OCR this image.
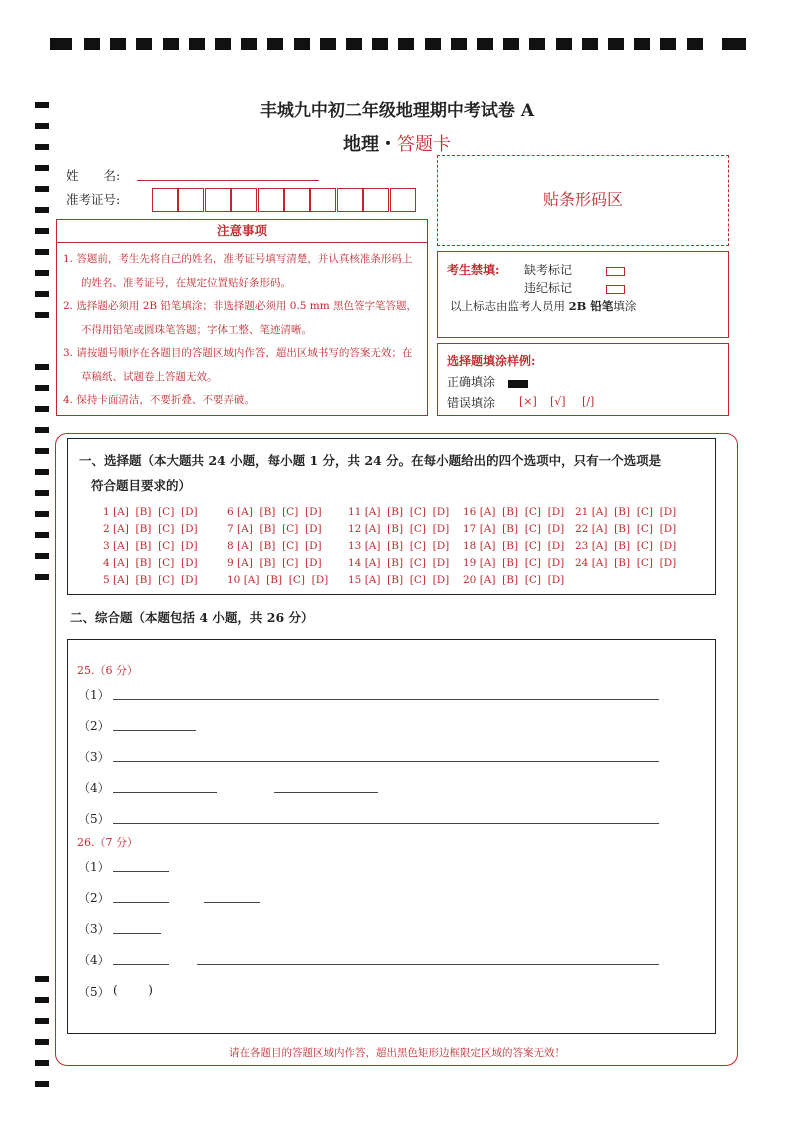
丰城九中初二年级地理期中考试卷 A
地理・答题卡
姓　　名:
准考证号:	贴条形码区
注意事项

1. 答题前，考生先将自己的姓名，准考证号填写清楚，并认真核准条形码上的姓名、准考证号，在规定位置贴好条形码。

2. 选择题必须用 2B 铅笔填涂；非选择题必须用 0.5 mm 黑色签字笔答题，不得用铅笔或圆珠笔答题；字体工整、笔迹清晰。

3. 请按题号顺序在各题目的答题区域内作答，超出区域书写的答案无效；在草稿纸、试题卷上答题无效。

4. 保持卡面清洁，不要折叠、不要弄破。

考生禁填: 缺考标记
违纪标记
以上标志由监考人员用 2B 铅笔填涂
选择题填涂样例:
正确填涂
错误填涂 [×] [√] [/]
一、选择题（本大题共 24 小题，每小题 1 分，共 24 分。在每小题给出的四个选项中，只有一个选项是
符合题目要求的）
1 [A]  [B]  [C]  [D]
2 [A]  [B]  [C]  [D]
3 [A]  [B]  [C]  [D]
4 [A]  [B]  [C]  [D]
5 [A]  [B]  [C]  [D]
6 [A]  [B]  [C]  [D]
7 [A]  [B]  [C]  [D]
8 [A]  [B]  [C]  [D]
9 [A]  [B]  [C]  [D]
10 [A]  [B]  [C]  [D]
11 [A]  [B]  [C]  [D]
12 [A]  [B]  [C]  [D]
13 [A]  [B]  [C]  [D]
14 [A]  [B]  [C]  [D]
15 [A]  [B]  [C]  [D]
16 [A]  [B]  [C]  [D]
17 [A]  [B]  [C]  [D]
18 [A]  [B]  [C]  [D]
19 [A]  [B]  [C]  [D]
20 [A]  [B]  [C]  [D]
21 [A]  [B]  [C]  [D]
22 [A]  [B]  [C]  [D]
23 [A]  [B]  [C]  [D]
24 [A]  [B]  [C]  [D]
二、综合题（本题包括 4 小题，共 26 分）
25.（6 分）
（1）
（2）
（3）
（4）
（5）
26.（7 分）
（1）
（2）
（3）
（4）
（5） (        )
请在各题目的答题区域内作答，超出黑色矩形边框限定区域的答案无效！
